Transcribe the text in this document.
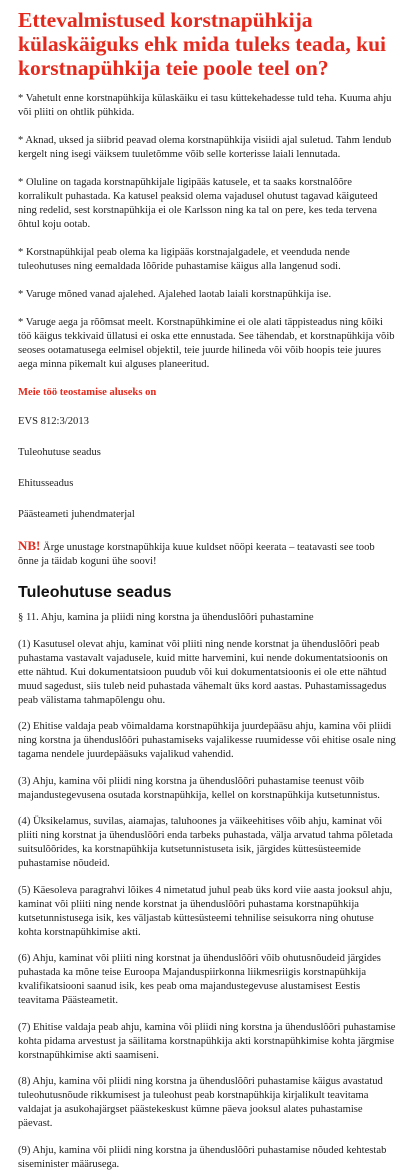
Ettevalmistused korstnapühkija külaskäiguks ehk mida tuleks teada, kui korstnapühkija teie poole teel on?

* Vahetult enne korstnapühkija külaskäiku ei tasu küttekehadesse tuld teha. Kuuma ahju või pliiti on ohtlik pühkida.

* Aknad, uksed ja siibrid peavad olema korstnapühkija visiidi ajal suletud. Tahm lendub kergelt ning isegi väiksem tuuletõmme võib selle korterisse laiali lennutada.

* Oluline on tagada korstnapühkijale ligipääs katusele, et ta saaks korstnalõõre korralikult puhastada. Ka katusel peaksid olema vajadusel ohutust tagavad käiguteed ning redelid, sest korstnapühkija ei ole Karlsson ning ka tal on pere, kes teda tervena õhtul koju ootab.

* Korstnapühkijal peab olema ka ligipääs korstnajalgadele, et veenduda nende tuleohutuses ning eemaldada lõõride puhastamise käigus alla langenud sodi.

* Varuge mõned vanad ajalehed. Ajalehed laotab laiali korstnapühkija ise.

* Varuge aega ja rõõmsat meelt. Korstnapühkimine ei ole alati täppisteadus ning kõiki töö käigus tekkivaid üllatusi ei oska ette ennustada. See tähendab, et korstnapühkija võib seoses ootamatusega eelmisel objektil, teie juurde hilineda või võib hoopis teie juures aega minna pikemalt kui alguses planeeritud.

Meie töö teostamise aluseks on

EVS 812:3/2013

Tuleohutuse seadus

Ehitusseadus

Päästeameti juhendmaterjal

NB! Ärge unustage korstnapühkija kuue kuldset nööpi keerata – teatavasti see toob õnne ja täidab koguni ühe soovi!

Tuleohutuse seadus

§ 11. Ahju, kamina ja pliidi ning korstna ja ühenduslõõri puhastamine

(1) Kasutusel olevat ahju, kaminat või pliiti ning nende korstnat ja ühenduslõõri peab puhastama vastavalt vajadusele, kuid mitte harvemini, kui nende dokumentatsioonis on ette nähtud. Kui dokumentatsioon puudub või kui dokumentatsioonis ei ole ette nähtud muud sagedust, siis tuleb neid puhastada vähemalt üks kord aastas. Puhastamissagedus peab välistama tahmapõlengu ohu.

(2) Ehitise valdaja peab võimaldama korstnapühkija juurdepääsu ahju, kamina või pliidi ning korstna ja ühenduslõõri puhastamiseks vajalikesse ruumidesse või ehitise osale ning tagama nendele juurdepääsuks vajalikud vahendid.

(3) Ahju, kamina või pliidi ning korstna ja ühenduslõõri puhastamise teenust võib majandustegevusena osutada korstnapühkija, kellel on korstnapühkija kutsetunnistus.

(4) Üksikelamus, suvilas, aiamajas, taluhoones ja väikeehitises võib ahju, kaminat või pliiti ning korstnat ja ühenduslõõri enda tarbeks puhastada, välja arvatud tahma põletada suitsulõõrides, ka korstnapühkija kutsetunnistuseta isik, järgides küttesüsteemide puhastamise nõudeid.

(5) Käesoleva paragrahvi lõikes 4 nimetatud juhul peab üks kord viie aasta jooksul ahju, kaminat või pliiti ning nende korstnat ja ühenduslõõri puhastama korstnapühkija kutsetunnistusega isik, kes väljastab küttesüsteemi tehnilise seisukorra ning ohutuse kohta korstnapühkimise akti.

(6) Ahju, kaminat või pliiti ning korstnat ja ühenduslõõri võib ohutusnõudeid järgides puhastada ka mõne teise Euroopa Majanduspiirkonna liikmesriigis korstnapühkija kvalifikatsiooni saanud isik, kes peab oma majandustegevuse alustamisest Eestis teavitama Päästeametit.

(7) Ehitise valdaja peab ahju, kamina või pliidi ning korstna ja ühenduslõõri puhastamise kohta pidama arvestust ja säilitama korstnapühkija akti korstnapühkimise kohta järgmise korstnapühkimise akti saamiseni.

(8) Ahju, kamina või pliidi ning korstna ja ühenduslõõri puhastamise käigus avastatud tuleohutusnõude rikkumisest ja tuleohust peab korstnapühkija kirjalikult teavitama valdajat ja asukohajärgset päästekeskust kümne päeva jooksul alates puhastamise päevast.

(9) Ahju, kamina või pliidi ning korstna ja ühenduslõõri puhastamise nõuded kehtestab siseminister määrusega.
